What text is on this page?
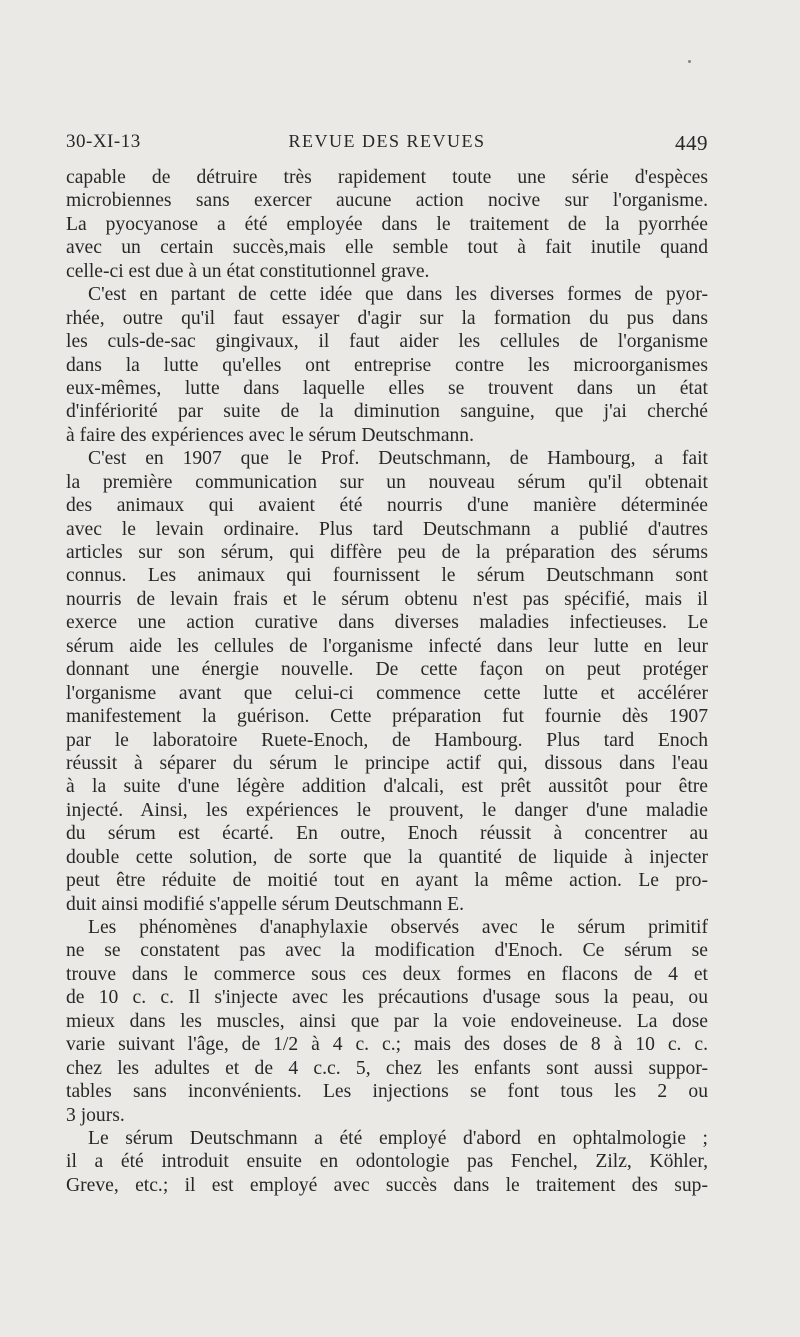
30-XI-13	REVUE DES REVUES	449
capable de détruire très rapidement toute une série d'espèces
microbiennes sans exercer aucune action nocive sur l'organisme.
La pyocyanose a été employée dans le traitement de la pyorrhée
avec un certain succès,mais elle semble tout à fait inutile quand
celle-ci est due à un état constitutionnel grave.
C'est en partant de cette idée que dans les diverses formes de pyor-
rhée, outre qu'il faut essayer d'agir sur la formation du pus dans
les culs-de-sac gingivaux, il faut aider les cellules de l'organisme
dans la lutte qu'elles ont entreprise contre les microorganismes
eux-mêmes, lutte dans laquelle elles se trouvent dans un état
d'infériorité par suite de la diminution sanguine, que j'ai cherché
à faire des expériences avec le sérum Deutschmann.
C'est en 1907 que le Prof. Deutschmann, de Hambourg, a fait
la première communication sur un nouveau sérum qu'il obtenait
des animaux qui avaient été nourris d'une manière déterminée
avec le levain ordinaire. Plus tard Deutschmann a publié d'autres
articles sur son sérum, qui diffère peu de la préparation des sérums
connus. Les animaux qui fournissent le sérum Deutschmann sont
nourris de levain frais et le sérum obtenu n'est pas spécifié, mais il
exerce une action curative dans diverses maladies infectieuses. Le
sérum aide les cellules de l'organisme infecté dans leur lutte en leur
donnant une énergie nouvelle. De cette façon on peut protéger
l'organisme avant que celui-ci commence cette lutte et accélérer
manifestement la guérison. Cette préparation fut fournie dès 1907
par le laboratoire Ruete-Enoch, de Hambourg. Plus tard Enoch
réussit à séparer du sérum le principe actif qui, dissous dans l'eau
à la suite d'une légère addition d'alcali, est prêt aussitôt pour être
injecté. Ainsi, les expériences le prouvent, le danger d'une maladie
du sérum est écarté. En outre, Enoch réussit à concentrer au
double cette solution, de sorte que la quantité de liquide à injecter
peut être réduite de moitié tout en ayant la même action. Le pro-
duit ainsi modifié s'appelle sérum Deutschmann E.
Les phénomènes d'anaphylaxie observés avec le sérum primitif
ne se constatent pas avec la modification d'Enoch. Ce sérum se
trouve dans le commerce sous ces deux formes en flacons de 4 et
de 10 c. c. Il s'injecte avec les précautions d'usage sous la peau, ou
mieux dans les muscles, ainsi que par la voie endoveineuse. La dose
varie suivant l'âge, de 1/2 à 4 c. c.; mais des doses de 8 à 10 c. c.
chez les adultes et de 4 c.c. 5, chez les enfants sont aussi suppor-
tables sans inconvénients. Les injections se font tous les 2 ou
3 jours.
Le sérum Deutschmann a été employé d'abord en ophtalmologie ;
il a été introduit ensuite en odontologie pas Fenchel, Zilz, Köhler,
Greve, etc.; il est employé avec succès dans le traitement des sup-
